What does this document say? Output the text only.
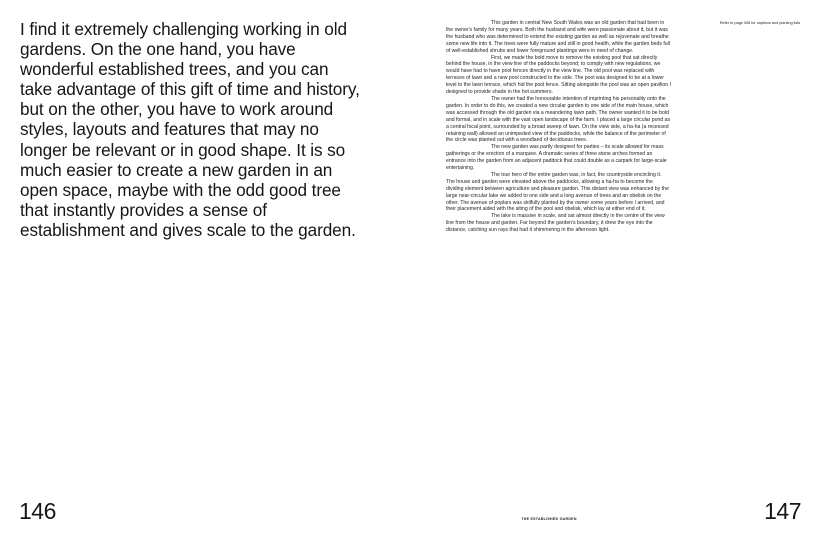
I find it extremely challenging working in old gardens. On the one hand, you have wonderful established trees, and you can take advantage of this gift of time and history, but on the other, you have to work around styles, layouts and features that may no longer be relevant or in good shape. It is so much easier to create a new garden in an open space, maybe with the odd good tree that instantly provides a sense of establishment and gives scale to the garden.

146

This garden in central New South Wales was an old garden that had been in the owner's family for many years. Both the husband and wife were passionate about it, but it was the husband who was determined to extend the existing garden as well as rejuvenate and breathe some new life into it. The trees were fully mature and still in good health, while the garden beds full of well-established shrubs and lower foreground plantings were in need of change.

First, we made the bold move to remove the existing pool that sat directly behind the house, in the view line of the paddocks beyond; to comply with new regulations, we would have had to have pool fences directly in the view line. The old pool was replaced with terraces of lawn and a new pool constructed to the side. The pool was designed to be at a lower level to the lawn terrace, which hid the pool fence. Sitting alongside the pool was an open pavilion I designed to provide shade in the hot summers.

The owner had the honourable intention of imprinting his personality onto the garden. In order to do this, we created a new circular garden to one side of the main house, which was accessed through the old garden via a meandering lawn path. The owner wanted it to be bold and formal, and in scale with the vast open landscape of the farm. I placed a large circular pond as a central focal point, surrounded by a broad sweep of lawn. On the view side, a ha-ha (a recessed retaining wall) allowed an unimpeded view of the paddocks, while the balance of the perimeter of the circle was planted out with a woodland of deciduous trees.

The new garden was partly designed for parties – its scale allowed for mass gatherings or the erection of a marquee. A dramatic series of three stone arches formed an entrance into the garden from an adjacent paddock that could double as a carpark for large-scale entertaining.

The true hero of the entire garden was, in fact, the countryside encircling it. The house and garden were elevated above the paddocks, allowing a ha-ha to become the dividing element between agriculture and pleasure garden. This distant view was enhanced by the large near-circular lake we added to one side and a long avenue of trees and an obelisk on the other. The avenue of poplars was skilfully planted by the owner some years before I arrived, and their placement aided with the siting of the pool and obelisk, which lay at either end of it.

The lake is massive in scale, and sat almost directly in the centre of the view line from the house and garden. Far beyond the garden's boundary, it drew the eye into the distance, catching sun rays that had it shimmering in the afternoon light.

Refer to page 306 for captions and planting lists

THE ESTABLISHED GARDEN	147
